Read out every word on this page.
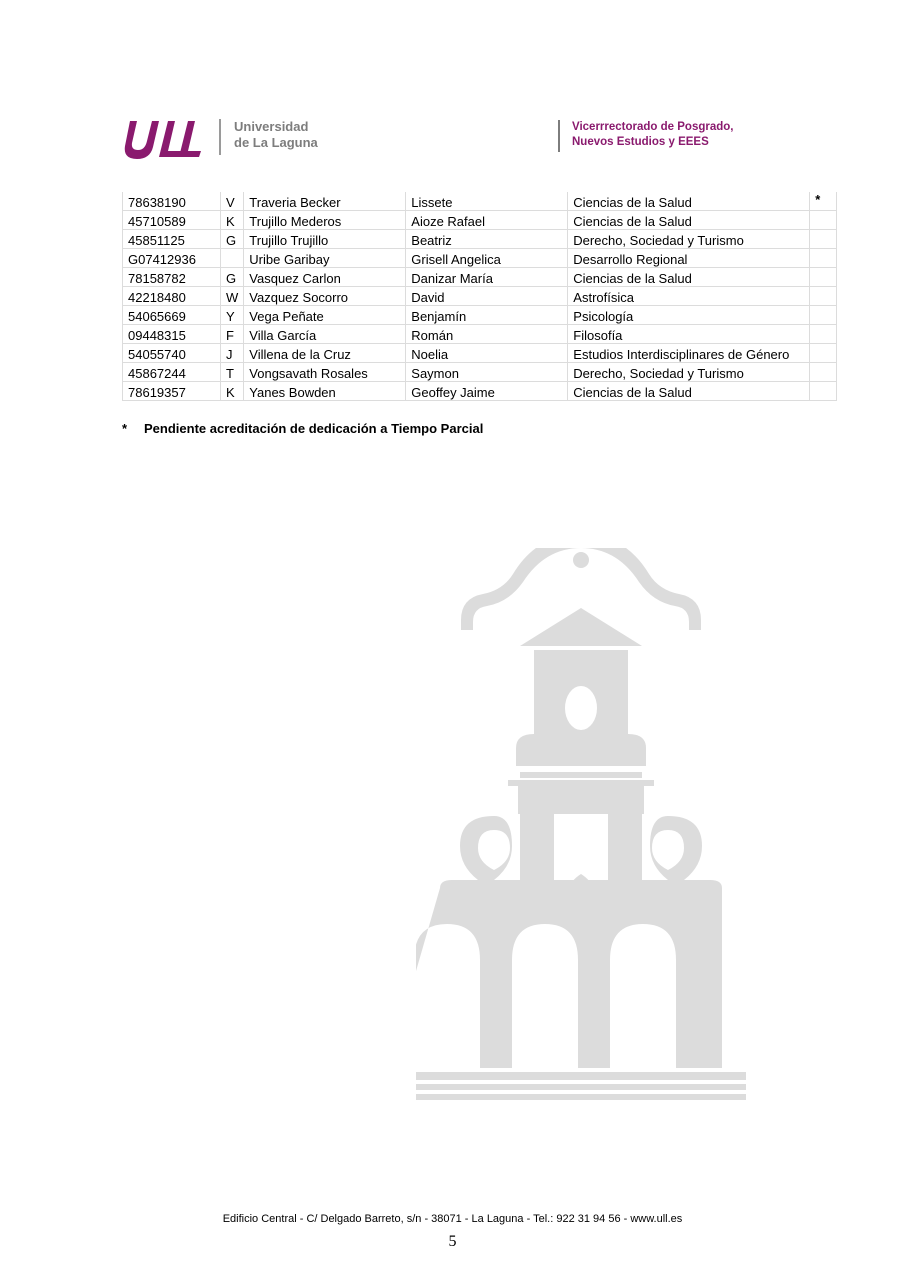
Universidad
de La Laguna
Vicerrrectorado de Posgrado,
Nuevos Estudios y EEES
78638190	V	Traveria Becker	Lissete	Ciencias de la Salud	*
45710589	K	Trujillo Mederos	Aioze Rafael	Ciencias de la Salud	
45851125	G	Trujillo Trujillo	Beatriz	Derecho, Sociedad y Turismo	
G07412936		Uribe Garibay	Grisell Angelica	Desarrollo Regional	
78158782	G	Vasquez Carlon	Danizar María	Ciencias de la Salud	
42218480	W	Vazquez Socorro	David	Astrofísica	
54065669	Y	Vega Peñate	Benjamín	Psicología	
09448315	F	Villa García	Román	Filosofía	
54055740	J	Villena de la Cruz	Noelia	Estudios Interdisciplinares de Género	
45867244	T	Vongsavath Rosales	Saymon	Derecho, Sociedad y Turismo	
78619357	K	Yanes Bowden	Geoffey Jaime	Ciencias de la Salud	
* Pendiente acreditación de dedicación a Tiempo Parcial
Edificio Central - C/ Delgado Barreto, s/n - 38071 - La Laguna - Tel.: 922 31 94 56 - www.ull.es
5
